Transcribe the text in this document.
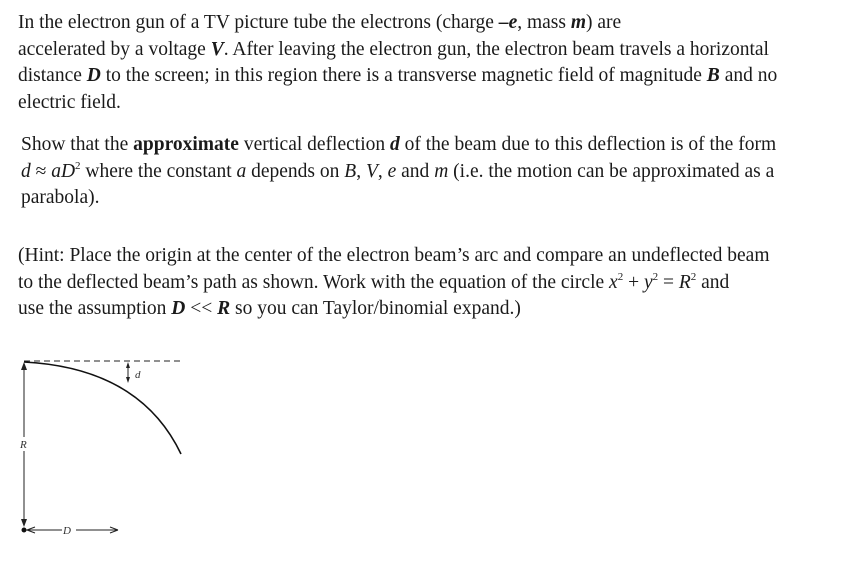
In the electron gun of a TV picture tube the electrons (charge –e, mass m) are
accelerated by a voltage V. After leaving the electron gun, the electron beam travels a horizontal
distance D to the screen; in this region there is a transverse magnetic field of magnitude B and no
electric field.
Show that the approximate vertical deflection d of the beam due to this deflection is of the form
$d \approx aD^2$ where the constant a depends on B, V, e and m (i.e. the motion can be approximated as a
parabola).
(Hint: Place the origin at the center of the electron beam’s arc and compare an undeflected beam
to the deflected beam’s path as shown. Work with the equation of the circle $x^2 + y^2 = R^2$ and
use the assumption D << R so you can Taylor/binomial expand.)
R
d
D
